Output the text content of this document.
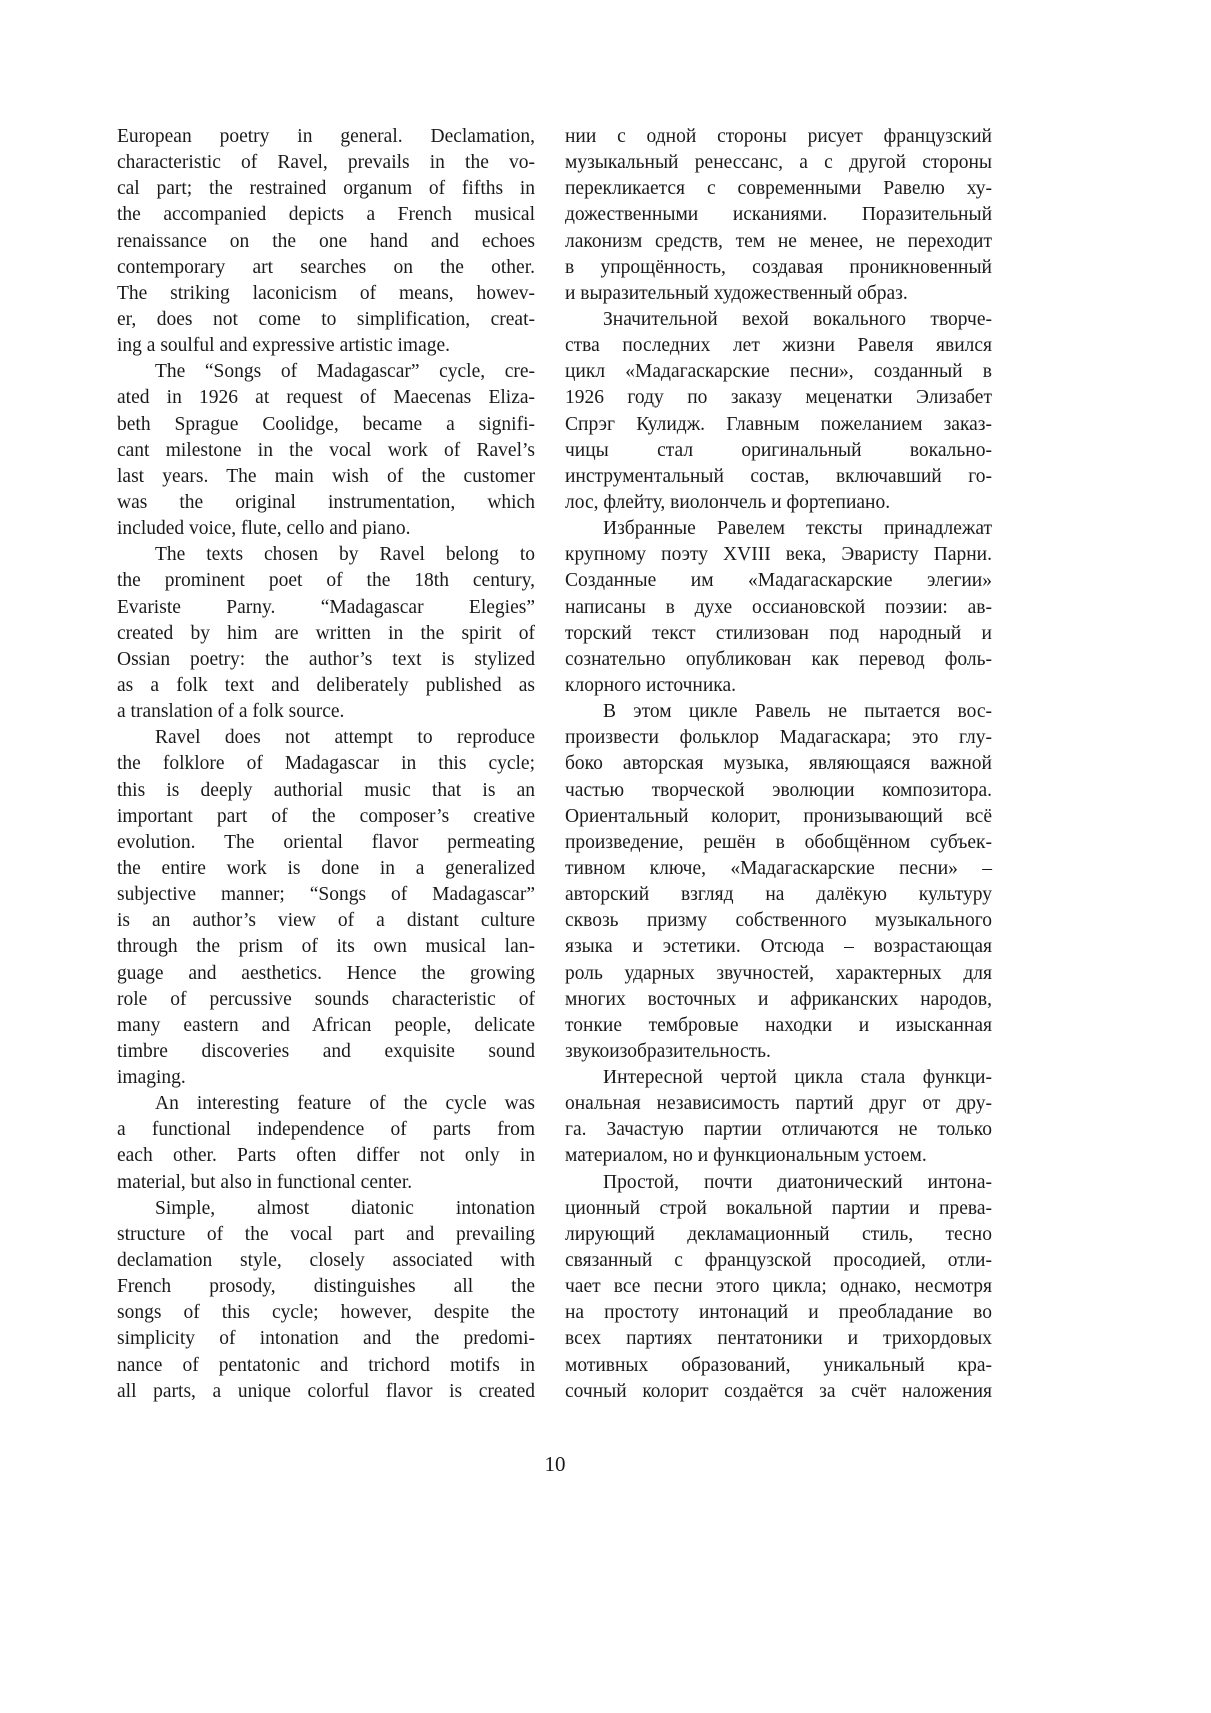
European poetry in general. Declamation,
characteristic of Ravel, prevails in the vo-
cal part; the restrained organum of fifths in
the accompanied depicts a French musical
renaissance on the one hand and echoes
contemporary art searches on the other.
The striking laconicism of means, howev-
er, does not come to simplification, creat-
ing a soulful and expressive artistic image.
The “Songs of Madagascar” cycle, cre-
ated in 1926 at request of Maecenas Eliza-
beth Sprague Coolidge, became a signifi-
cant milestone in the vocal work of Ravel’s
last years. The main wish of the customer
was the original instrumentation, which
included voice, flute, cello and piano.
The texts chosen by Ravel belong to
the prominent poet of the 18th century,
Evariste Parny. “Madagascar Elegies”
created by him are written in the spirit of
Ossian poetry: the author’s text is stylized
as a folk text and deliberately published as
a translation of a folk source.
Ravel does not attempt to reproduce
the folklore of Madagascar in this cycle;
this is deeply authorial music that is an
important part of the composer’s creative
evolution. The oriental flavor permeating
the entire work is done in a generalized
subjective manner; “Songs of Madagascar”
is an author’s view of a distant culture
through the prism of its own musical lan-
guage and aesthetics. Hence the growing
role of percussive sounds characteristic of
many eastern and African people, delicate
timbre discoveries and exquisite sound
imaging.
An interesting feature of the cycle was
a functional independence of parts from
each other. Parts often differ not only in
material, but also in functional center.
Simple, almost diatonic intonation
structure of the vocal part and prevailing
declamation style, closely associated with
French prosody, distinguishes all the
songs of this cycle; however, despite the
simplicity of intonation and the predomi-
nance of pentatonic and trichord motifs in
all parts, a unique colorful flavor is created
нии с одной стороны рисует французский
музыкальный ренессанс, а с другой стороны
перекликается с современными Равелю ху-
дожественными исканиями. Поразительный
лаконизм средств, тем не менее, не переходит
в упрощённость, создавая проникновенный
и выразительный художественный образ.
Значительной вехой вокального творче-
ства последних лет жизни Равеля явился
цикл «Мадагаскарские песни», созданный в
1926 году по заказу меценатки Элизабет
Спрэг Кулидж. Главным пожеланием заказ-
чицы стал оригинальный вокально-
инструментальный состав, включавший го-
лос, флейту, виолончель и фортепиано.
Избранные Равелем тексты принадлежат
крупному поэту XVIII века, Эваристу Парни.
Созданные им «Мадагаскарские элегии»
написаны в духе оссиановской поэзии: ав-
торский текст стилизован под народный и
сознательно опубликован как перевод фоль-
клорного источника.
В этом цикле Равель не пытается вос-
произвести фольклор Мадагаскара; это глу-
боко авторская музыка, являющаяся важной
частью творческой эволюции композитора.
Ориентальный колорит, пронизывающий всё
произведение, решён в обобщённом субъек-
тивном ключе, «Мадагаскарские песни» –
авторский взгляд на далёкую культуру
сквозь призму собственного музыкального
языка и эстетики. Отсюда – возрастающая
роль ударных звучностей, характерных для
многих восточных и африканских народов,
тонкие тембровые находки и изысканная
звукоизобразительность.
Интересной чертой цикла стала функци-
ональная независимость партий друг от дру-
га. Зачастую партии отличаются не только
материалом, но и функциональным устоем.
Простой, почти диатонический интона-
ционный строй вокальной партии и прева-
лирующий декламационный стиль, тесно
связанный с французской просодией, отли-
чает все песни этого цикла; однако, несмотря
на простоту интонаций и преобладание во
всех партиях пентатоники и трихордовых
мотивных образований, уникальный кра-
сочный колорит создаётся за счёт наложения
10
